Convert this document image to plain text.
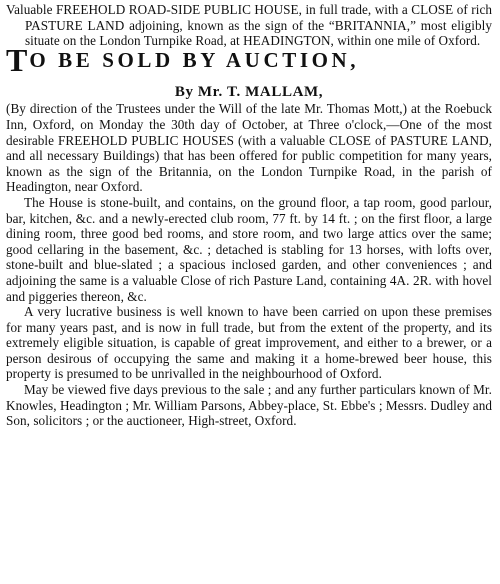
Valuable FREEHOLD ROAD-SIDE PUBLIC HOUSE, in full trade, with a CLOSE of rich PASTURE LAND adjoining, known as the sign of the “BRITANNIA,” most eligibly situate on the London Turnpike Road, at HEADINGTON, within one mile of Oxford.

TO BE SOLD BY AUCTION,
By Mr. T. MALLAM,

(By direction of the Trustees under the Will of the late Mr. Thomas Mott,) at the Roebuck Inn, Oxford, on Monday the 30th day of October, at Three o'clock,—One of the most desirable FREEHOLD PUBLIC HOUSES (with a valuable CLOSE of PASTURE LAND, and all necessary Buildings) that has been offered for public competition for many years, known as the sign of the Britannia, on the London Turnpike Road, in the parish of Headington, near Oxford.

The House is stone-built, and contains, on the ground floor, a tap room, good parlour, bar, kitchen, &c. and a newly-erected club room, 77 ft. by 14 ft. ; on the first floor, a large dining room, three good bed rooms, and store room, and two large attics over the same; good cellaring in the basement, &c. ; detached is stabling for 13 horses, with lofts over, stone-built and blue-slated ; a spacious inclosed garden, and other conveniences ; and adjoining the same is a valuable Close of rich Pasture Land, containing 4A. 2R. with hovel and piggeries thereon, &c.

A very lucrative business is well known to have been carried on upon these premises for many years past, and is now in full trade, but from the extent of the property, and its extremely eligible situation, is capable of great improvement, and either to a brewer, or a person desirous of occupying the same and making it a home-brewed beer house, this property is presumed to be unrivalled in the neighbourhood of Oxford.

May be viewed five days previous to the sale ; and any further particulars known of Mr. Knowles, Headington ; Mr. William Parsons, Abbey-place, St. Ebbe's ; Messrs. Dudley and Son, solicitors ; or the auctioneer, High-street, Oxford.
